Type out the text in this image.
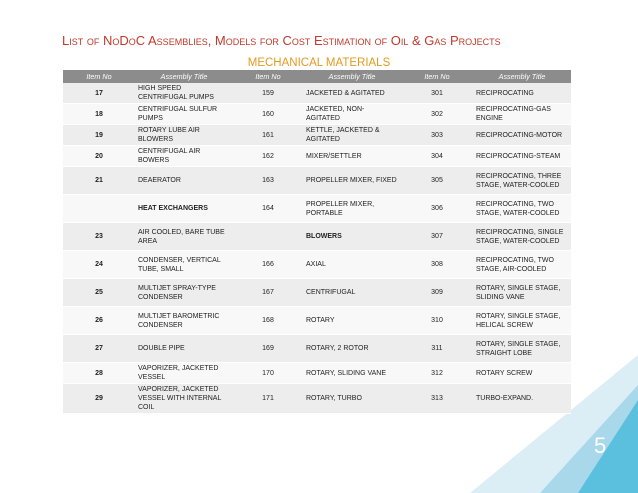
List of NoDoC Assemblies, Models for Cost Estimation of Oil & Gas Projects
MECHANICAL MATERIALS
Item No	Assembly Title	Item No	Assembly Title	Item No	Assembly Title
17	HIGH SPEED CENTRIFUGAL PUMPS	159	JACKETED & AGITATED	301	RECIPROCATING
18	CENTRIFUGAL SULFUR PUMPS	160	JACKETED, NON-AGITATED	302	RECIPROCATING-GAS ENGINE
19	ROTARY LUBE AIR BLOWERS	161	KETTLE, JACKETED & AGITATED	303	RECIPROCATING-MOTOR
20	CENTRIFUGAL AIR BOWERS	162	MIXER/SETTLER	304	RECIPROCATING-STEAM
21	DEAERATOR	163	PROPELLER MIXER, FIXED	305	RECIPROCATING, THREE STAGE, WATER-COOLED
	HEAT EXCHANGERS	164	PROPELLER MIXER, PORTABLE	306	RECIPROCATING, TWO STAGE, WATER-COOLED
23	AIR COOLED, BARE TUBE AREA		BLOWERS	307	RECIPROCATING, SINGLE STAGE, WATER-COOLED
24	CONDENSER, VERTICAL TUBE, SMALL	166	AXIAL	308	RECIPROCATING, TWO STAGE, AIR-COOLED
25	MULTIJET SPRAY-TYPE CONDENSER	167	CENTRIFUGAL	309	ROTARY, SINGLE STAGE, SLIDING VANE
26	MULTIJET BAROMETRIC CONDENSER	168	ROTARY	310	ROTARY, SINGLE STAGE, HELICAL SCREW
27	DOUBLE PIPE	169	ROTARY, 2 ROTOR	311	ROTARY, SINGLE STAGE, STRAIGHT LOBE
28	VAPORIZER, JACKETED VESSEL	170	ROTARY, SLIDING VANE	312	ROTARY SCREW
29	VAPORIZER, JACKETED VESSEL WITH INTERNAL COIL	171	ROTARY, TURBO	313	TURBO-EXPAND.
5
